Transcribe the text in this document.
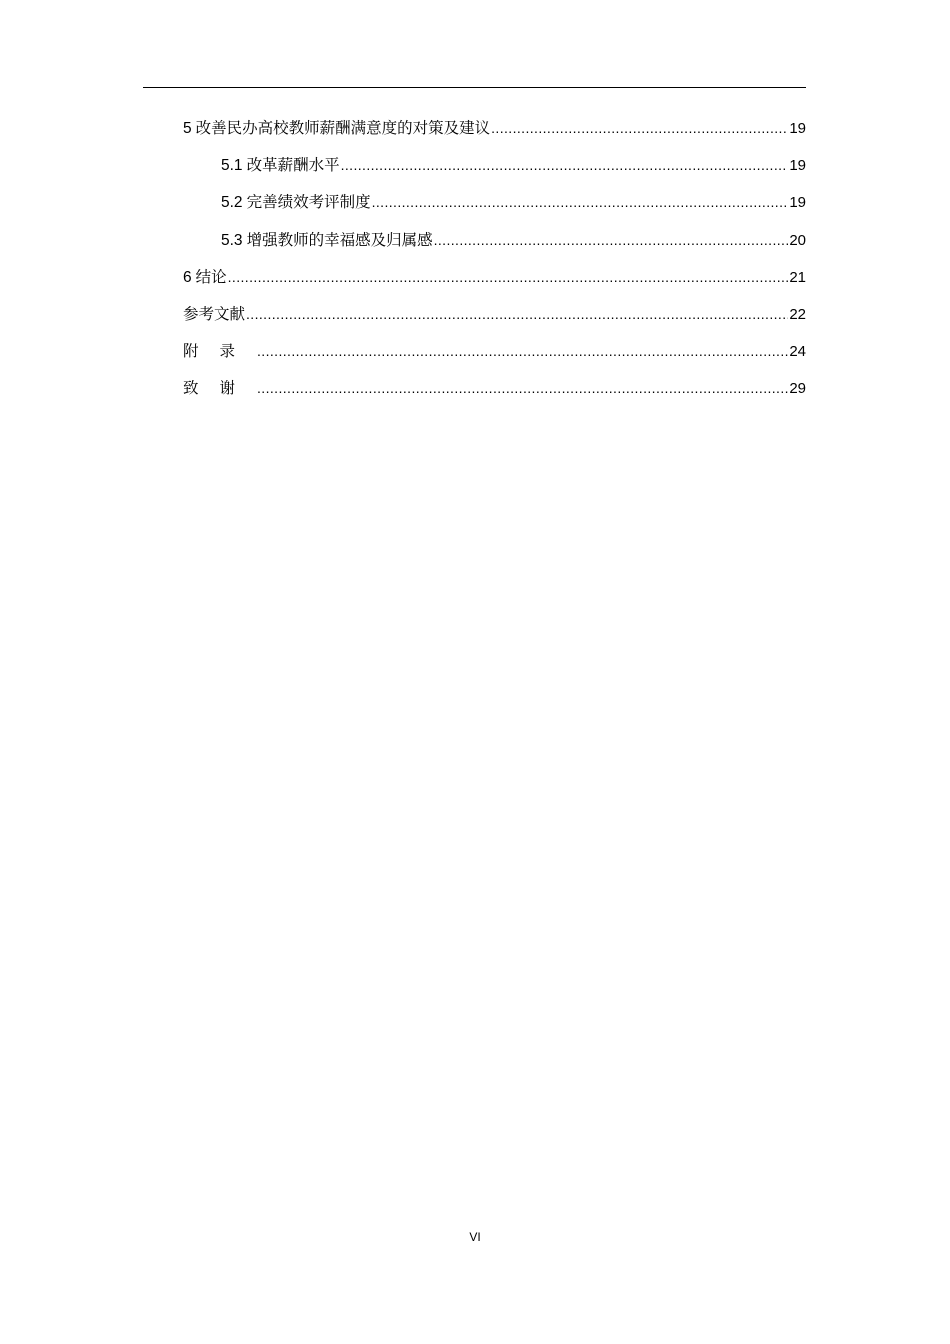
5 改善民办高校教师薪酬满意度的对策及建议 .....	19
5.1 改革薪酬水平 .....	19
5.2 完善绩效考评制度 .....	19
5.3 增强教师的幸福感及归属感 .....	20
6 结论 .....	21
参考文献 .....	22
附录 .....	24
致谢 .....	29
VI
